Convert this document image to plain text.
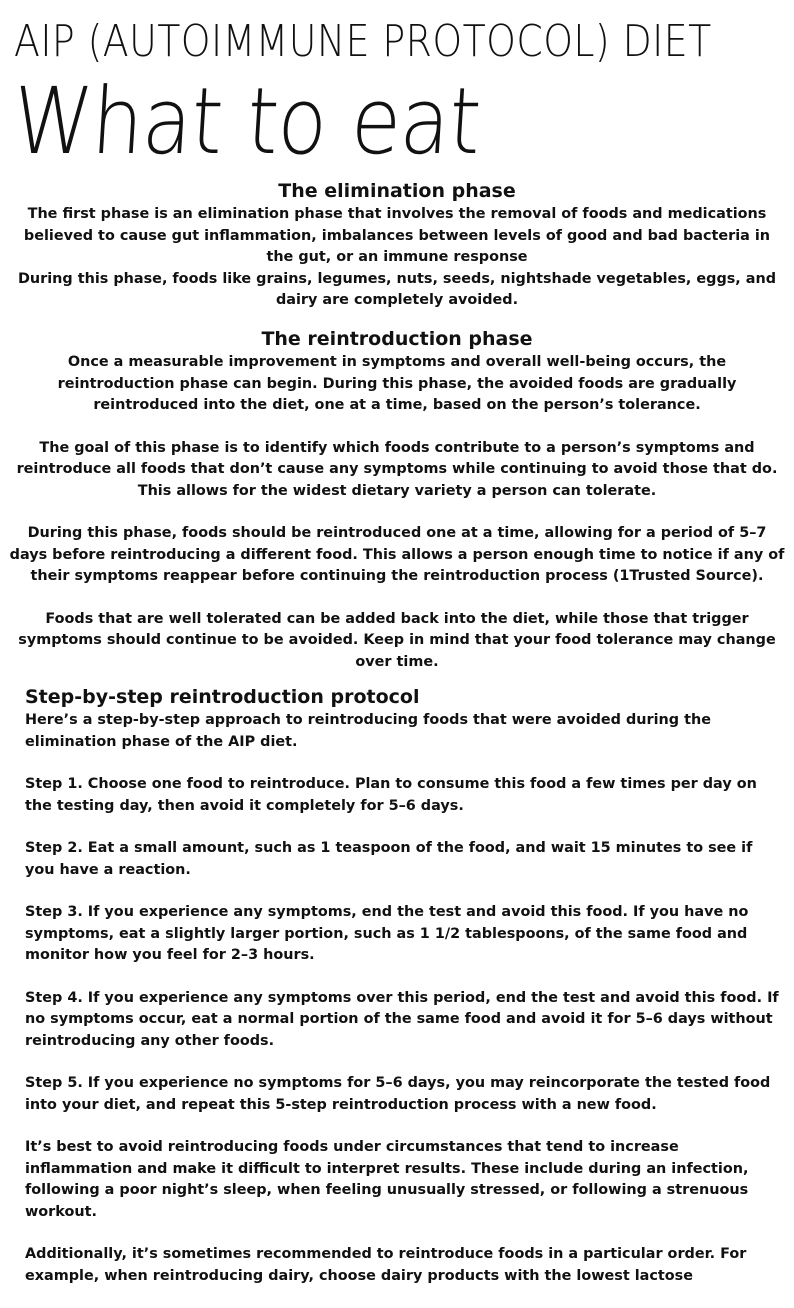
AIP (AUTOIMMUNE PROTOCOL) DIET
What to eat
The elimination phase

The first phase is an elimination phase that involves the removal of foods and medications believed to cause gut inflammation, imbalances between levels of good and bad bacteria in the gut, or an immune response

During this phase, foods like grains, legumes, nuts, seeds, nightshade vegetables, eggs, and dairy are completely avoided.

The reintroduction phase

Once a measurable improvement in symptoms and overall well-being occurs, the reintroduction phase can begin. During this phase, the avoided foods are gradually reintroduced into the diet, one at a time, based on the person’s tolerance.

The goal of this phase is to identify which foods contribute to a person’s symptoms and reintroduce all foods that don’t cause any symptoms while continuing to avoid those that do. This allows for the widest dietary variety a person can tolerate.

During this phase, foods should be reintroduced one at a time, allowing for a period of 5–7 days before reintroducing a different food. This allows a person enough time to notice if any of their symptoms reappear before continuing the reintroduction process (1Trusted Source).

Foods that are well tolerated can be added back into the diet, while those that trigger symptoms should continue to be avoided. Keep in mind that your food tolerance may change over time.

Step-by-step reintroduction protocol

Here’s a step-by-step approach to reintroducing foods that were avoided during the elimination phase of the AIP diet.

Step 1. Choose one food to reintroduce. Plan to consume this food a few times per day on the testing day, then avoid it completely for 5–6 days.

Step 2. Eat a small amount, such as 1 teaspoon of the food, and wait 15 minutes to see if you have a reaction.

Step 3. If you experience any symptoms, end the test and avoid this food. If you have no symptoms, eat a slightly larger portion, such as 1 1/2 tablespoons, of the same food and monitor how you feel for 2–3 hours.

Step 4. If you experience any symptoms over this period, end the test and avoid this food. If no symptoms occur, eat a normal portion of the same food and avoid it for 5–6 days without reintroducing any other foods.

Step 5. If you experience no symptoms for 5–6 days, you may reincorporate the tested food into your diet, and repeat this 5-step reintroduction process with a new food.

It’s best to avoid reintroducing foods under circumstances that tend to increase inflammation and make it difficult to interpret results. These include during an infection, following a poor night’s sleep, when feeling unusually stressed, or following a strenuous workout.

Additionally, it’s sometimes recommended to reintroduce foods in a particular order. For example, when reintroducing dairy, choose dairy products with the lowest lactose
